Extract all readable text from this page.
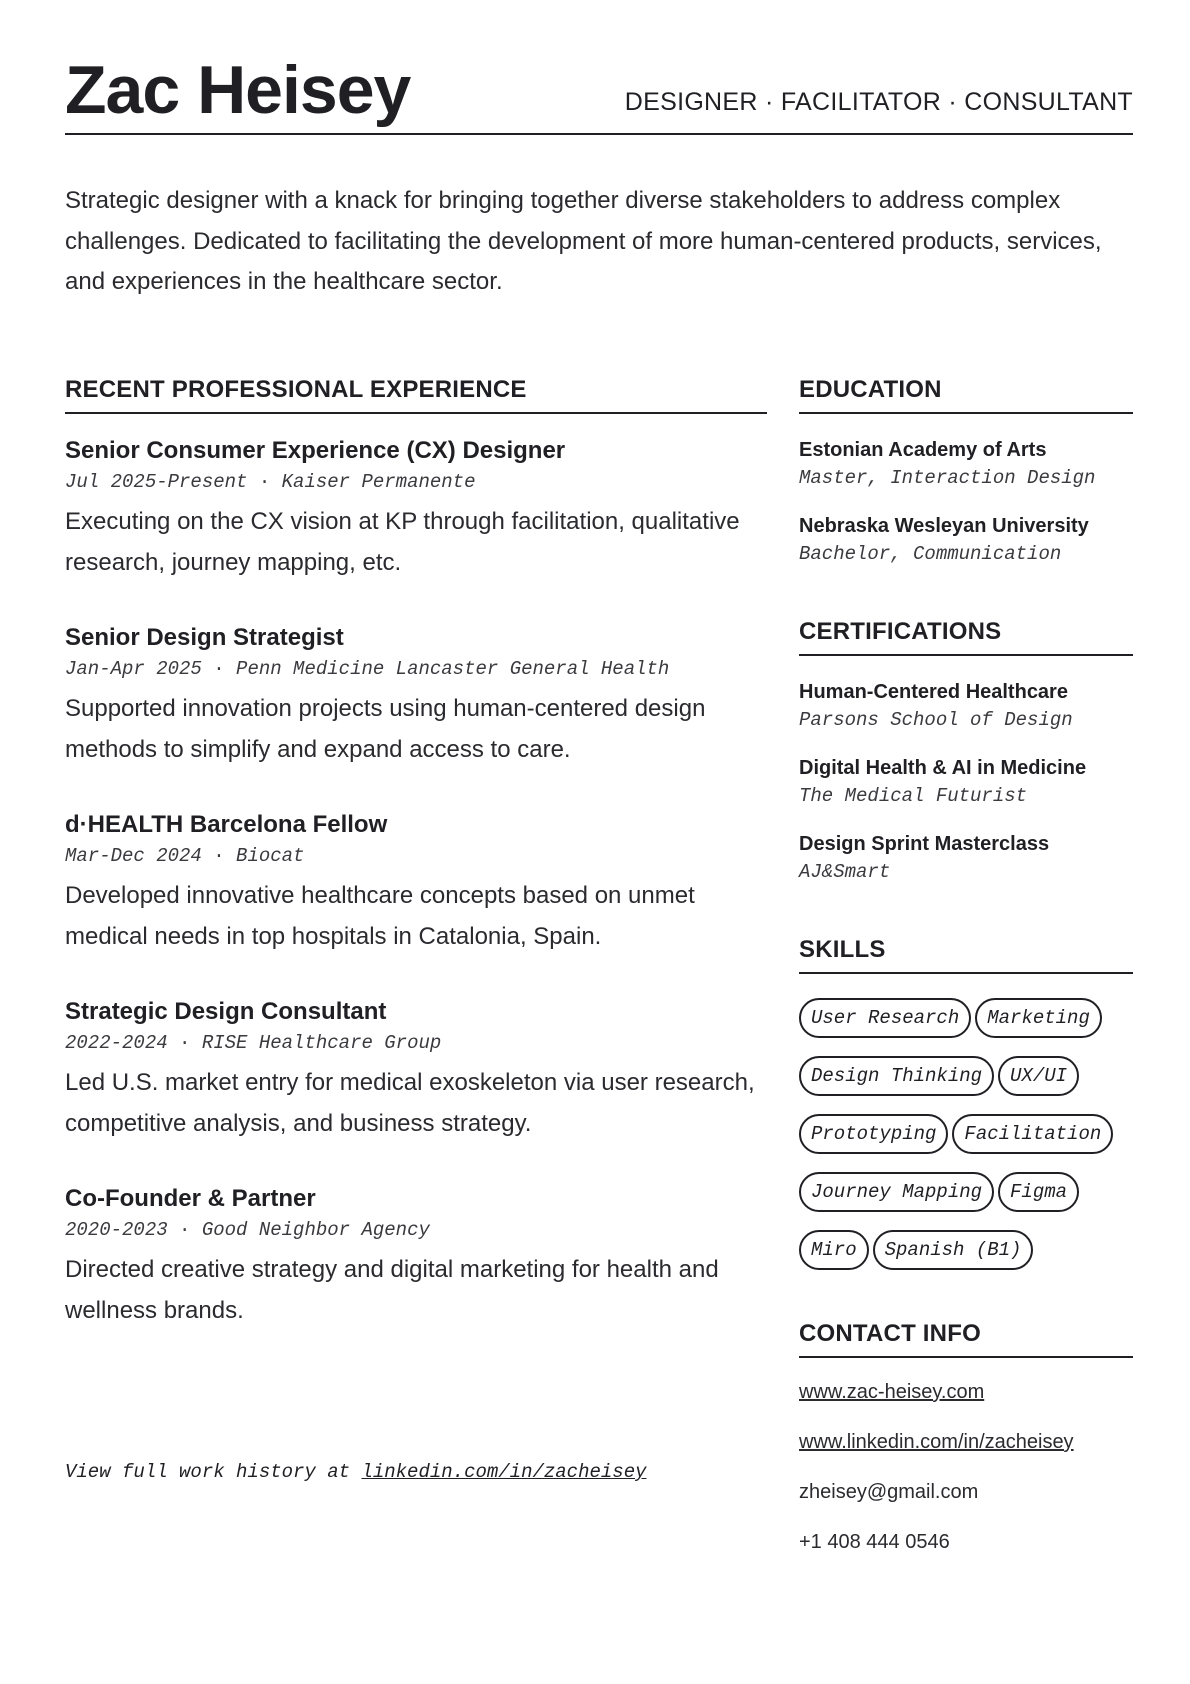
Zac Heisey	DESIGNER · FACILITATOR · CONSULTANT
Strategic designer with a knack for bringing together diverse stakeholders to address complex challenges. Dedicated to facilitating the development of more human-centered products, services, and experiences in the healthcare sector.
RECENT PROFESSIONAL EXPERIENCE
Senior Consumer Experience (CX) Designer
Jul 2025-Present · Kaiser Permanente
Executing on the CX vision at KP through facilitation, qualitative research, journey mapping, etc.
Senior Design Strategist
Jan-Apr 2025 · Penn Medicine Lancaster General Health
Supported innovation projects using human-centered design methods to simplify and expand access to care.
d·HEALTH Barcelona Fellow
Mar-Dec 2024 · Biocat
Developed innovative healthcare concepts based on unmet medical needs in top hospitals in Catalonia, Spain.
Strategic Design Consultant
2022-2024 · RISE Healthcare Group
Led U.S. market entry for medical exoskeleton via user research, competitive analysis, and business strategy.
Co-Founder & Partner
2020-2023 · Good Neighbor Agency
Directed creative strategy and digital marketing for health and wellness brands.
View full work history at linkedin.com/in/zacheisey
EDUCATION
Estonian Academy of Arts
Master, Interaction Design
Nebraska Wesleyan University
Bachelor, Communication
CERTIFICATIONS
Human-Centered Healthcare
Parsons School of Design
Digital Health & AI in Medicine
The Medical Futurist
Design Sprint Masterclass
AJ&Smart
SKILLS
User Research Marketing
Design Thinking UX/UI
Prototyping Facilitation
Journey Mapping Figma
Miro Spanish (B1)
CONTACT INFO
www.zac-heisey.com
www.linkedin.com/in/zacheisey
zheisey@gmail.com
+1 408 444 0546
